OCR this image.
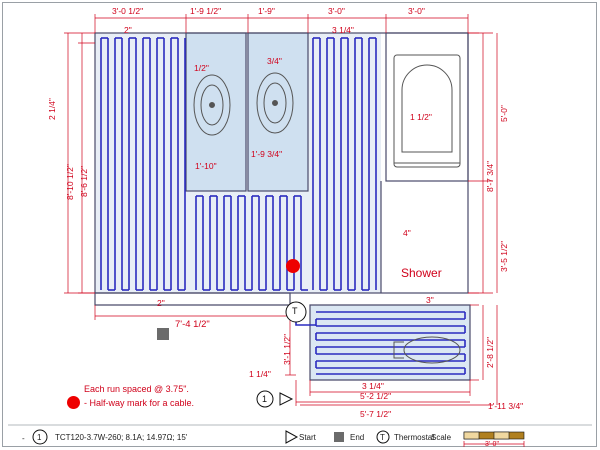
3'-0 1/2"	1'-9 1/2"	1'-9"	3'-0"	3'-0"
8'-10 1/2" 8'-6 1/2"
2 1/4"	5'-0"
8'-7 3/4"
3'-5 1/2"
2'-8 1/2"
1'-11 3/4"
7'-4 1/2"
3 1/4"
5'-2 1/2"
5'-7 1/2"
1 1/4"
3'-1 1/2"
2"	3 1/4"
1/2"
3/4"
1'-10"
1'-9 3/4"
1 1/2"
4"
2"	3"
Shower
T
1
Each run spaced @ 3.75".
- Half-way mark for a cable.
- 1 TCT120-3.7W-260; 8.1A; 14.97Ω; 15'	Start	End T Thermostat
Scale
3'-0"
